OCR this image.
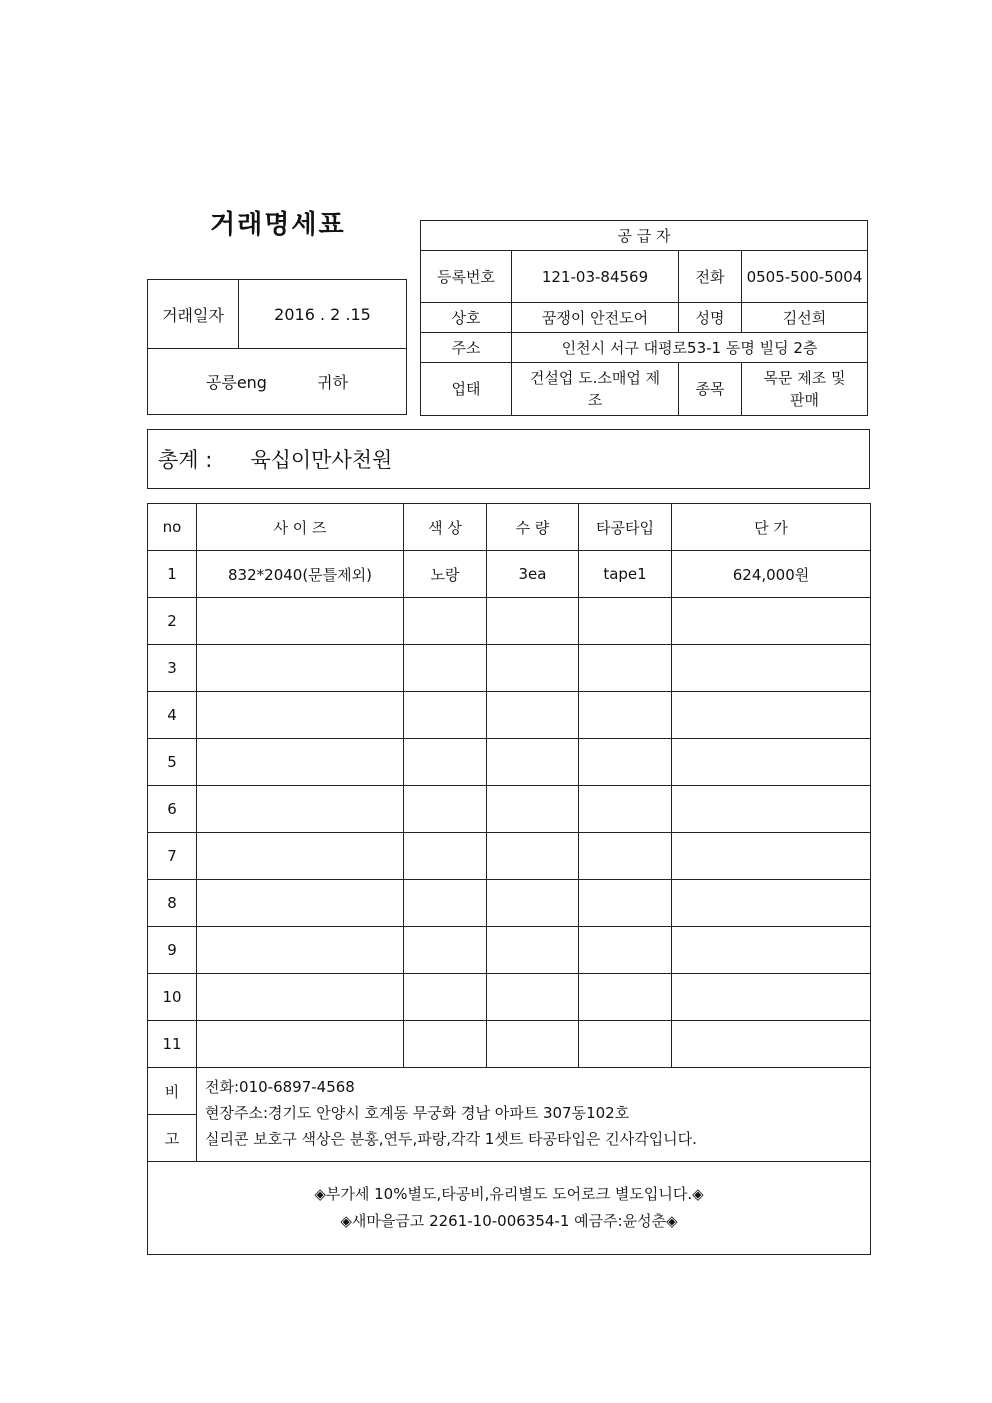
거래명세표
거래일자	2016 . 2 .15
공릉eng	귀하
공 급 자			
등록번호	121-03-84569	전화	0505-500-5004
상호	꿈쟁이 안전도어	성명	김선희
주소	인천시 서구 대평로53-1 동명 빌딩 2층		
업태	건설업 도.소매업 제조	종목	목문 제조 및 판매
총계 : 육십이만사천원
no	사 이 즈	색 상	수 량	타공타입	단 가
1	832*2040(문틀제외)	노랑	3ea	tape1	624,000원
2					
3					
4					
5					
6					
7					
8					
9					
10					
11					
비	전화:010-6897-4568
현장주소:경기도 안양시 호계동 무궁화 경남 아파트 307동102호
실리콘 보호구 색상은 분홍,연두,파랑,각각 1셋트 타공타입은 긴사각입니다.				

고					

◈부가세 10%별도,타공비,유리별도 도어로크 별도입니다.◈
◈새마을금고 2261-10-006354-1 예금주:윤성춘◈					
